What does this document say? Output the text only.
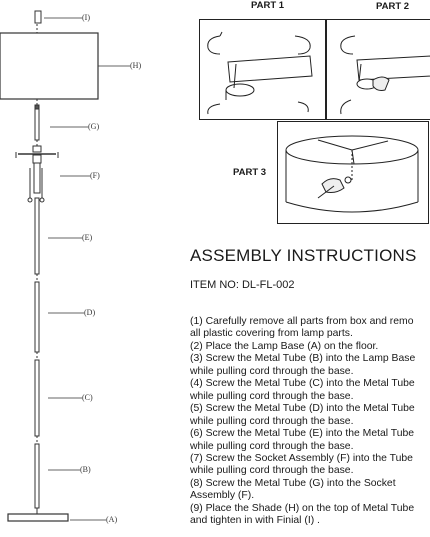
(I)
(H)
(G)
(F)
(E)
(D)
(C)
(B)
(A)
PART 1	PART 2
PART 3
ASSEMBLY INSTRUCTIONS
ITEM NO: DL-FL-002
(1) Carefully remove all parts from box and remo
all plastic covering from lamp parts.
(2) Place the Lamp Base (A) on the floor.
(3) Screw the Metal Tube (B) into the Lamp Base
while pulling cord through the base.
(4) Screw the Metal Tube (C) into the Metal Tube
while pulling cord through the base.
(5) Screw the Metal Tube (D) into the Metal Tube
while pulling cord through the base.
(6) Screw the Metal Tube (E) into the Metal Tube
while pulling cord through the base.
(7) Screw the Socket Assembly (F) into the Tube
while pulling cord through the base.
(8) Screw the Metal Tube (G) into the Socket
Assembly (F).
(9) Place the Shade (H) on the top of Metal Tube
and tighten in with Finial (I) .
